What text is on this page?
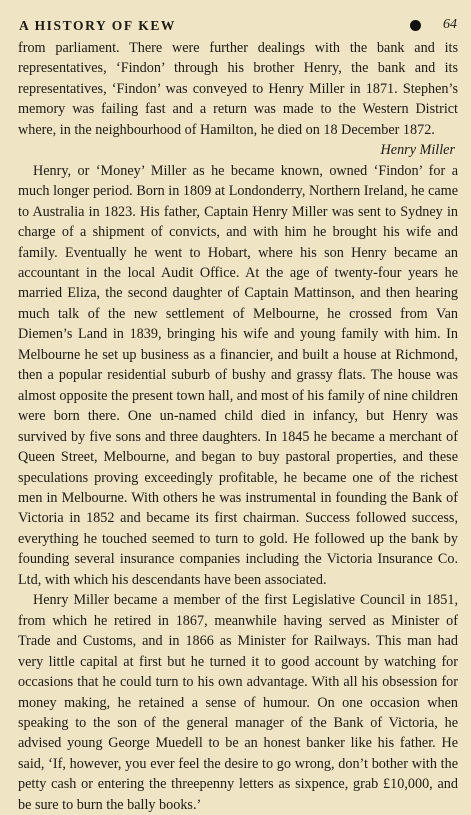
A HISTORY OF KEW	64

from parliament. There were further dealings with the bank and its representatives, ‘Findon’ through his brother Henry, the bank and its representatives, ‘Findon’ was conveyed to Henry Miller in 1871. Stephen’s memory was failing fast and a return was made to the Western District where, in the neighbourhood of Hamilton, he died on 18 December 1872.

Henry Miller

Henry, or ‘Money’ Miller as he became known, owned ‘Findon’ for a much longer period. Born in 1809 at Londonderry, Northern Ireland, he came to Australia in 1823. His father, Captain Henry Miller was sent to Sydney in charge of a shipment of convicts, and with him he brought his wife and family. Eventually he went to Hobart, where his son Henry became an accountant in the local Audit Office. At the age of twenty-four years he married Eliza, the second daughter of Captain Mattinson, and then hearing much talk of the new settlement of Melbourne, he crossed from Van Diemen’s Land in 1839, bringing his wife and young family with him. In Melbourne he set up business as a financier, and built a house at Richmond, then a popular residential suburb of bushy and grassy flats. The house was almost opposite the present town hall, and most of his family of nine children were born there. One un-named child died in infancy, but Henry was survived by five sons and three daughters. In 1845 he became a merchant of Queen Street, Melbourne, and began to buy pastoral properties, and these speculations proving exceedingly profitable, he became one of the richest men in Melbourne. With others he was instrumental in founding the Bank of Victoria in 1852 and became its first chairman. Success followed success, everything he touched seemed to turn to gold. He followed up the bank by founding several insurance companies including the Victoria Insurance Co. Ltd, with which his descendants have been associated.

Henry Miller became a member of the first Legislative Council in 1851, from which he retired in 1867, meanwhile having served as Minister of Trade and Customs, and in 1866 as Minister for Railways. This man had very little capital at first but he turned it to good account by watching for occasions that he could turn to his own advantage. With all his obsession for money making, he retained a sense of humour. On one occasion when speaking to the son of the general manager of the Bank of Victoria, he advised young George Muedell to be an honest banker like his father. He said, ‘If, however, you ever feel the desire to go wrong, don’t bother with the petty cash or entering the threepenny letters as sixpence, grab £10,000, and be sure to burn the bally books.’
